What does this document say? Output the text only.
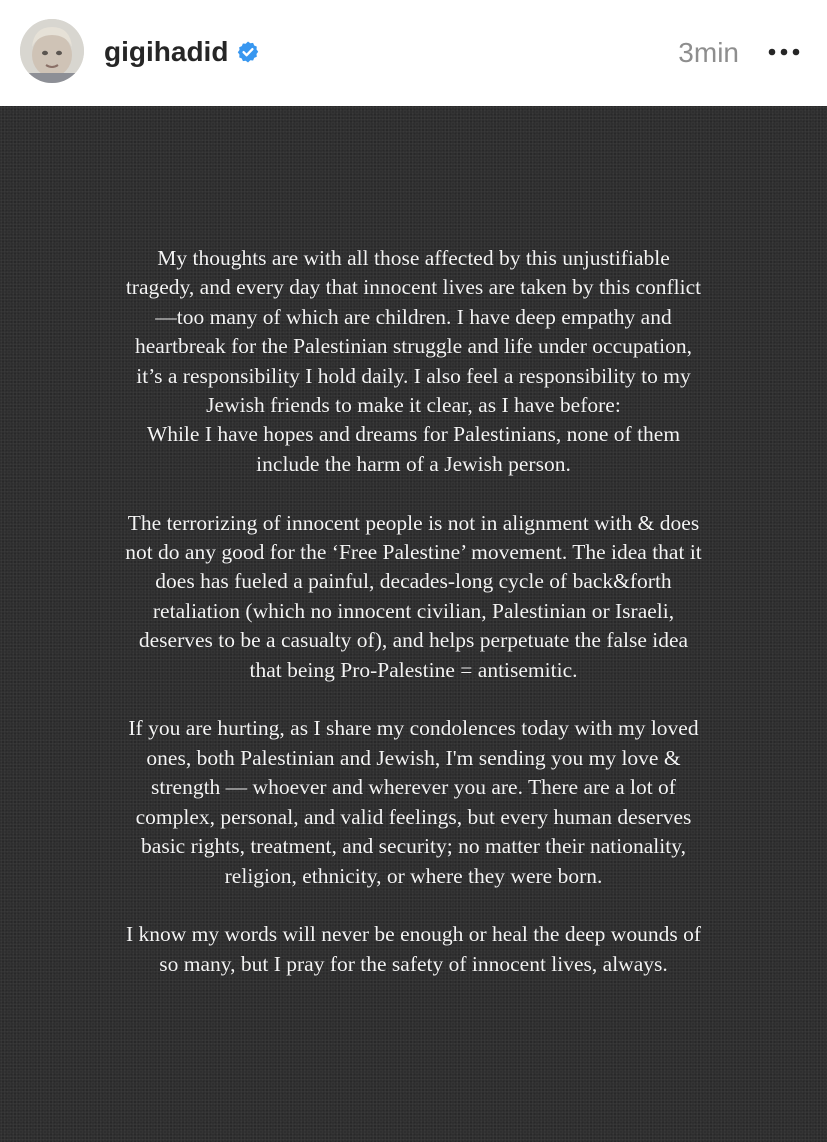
gigihadid	3min

My thoughts are with all those affected by this unjustifiable
tragedy, and every day that innocent lives are taken by this conflict
—too many of which are children. I have deep empathy and
heartbreak for the Palestinian struggle and life under occupation,
it’s a responsibility I hold daily. I also feel a responsibility to my
Jewish friends to make it clear, as I have before:
While I have hopes and dreams for Palestinians, none of them
include the harm of a Jewish person.

The terrorizing of innocent people is not in alignment with & does
not do any good for the ‘Free Palestine’ movement. The idea that it
does has fueled a painful, decades-long cycle of back&forth
retaliation (which no innocent civilian, Palestinian or Israeli,
deserves to be a casualty of), and helps perpetuate the false idea
that being Pro-Palestine = antisemitic.

If you are hurting, as I share my condolences today with my loved
ones, both Palestinian and Jewish, I'm sending you my love &
strength — whoever and wherever you are. There are a lot of
complex, personal, and valid feelings, but every human deserves
basic rights, treatment, and security; no matter their nationality,
religion, ethnicity, or where they were born.

I know my words will never be enough or heal the deep wounds of
so many, but I pray for the safety of innocent lives, always.
